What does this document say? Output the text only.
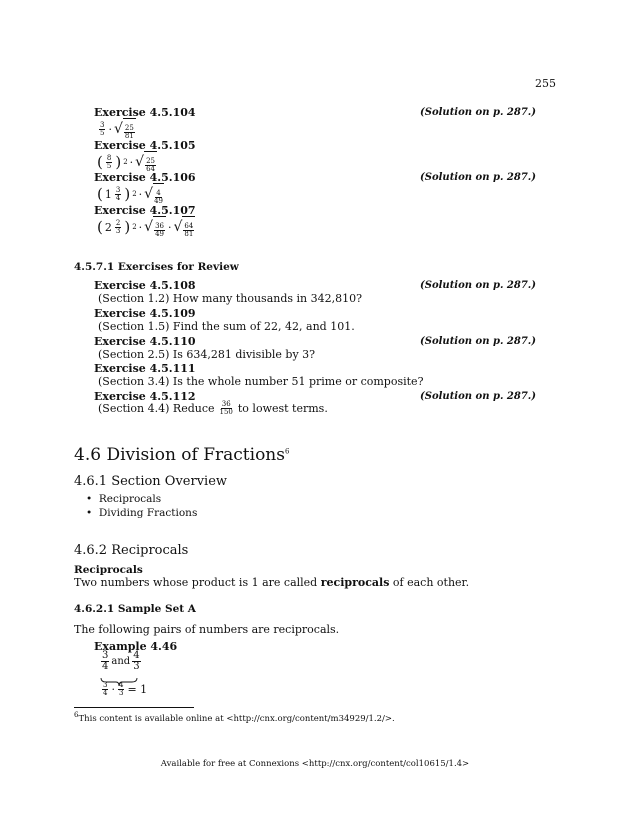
255
Exercise 4.5.104	(Solution on p. 287.)
$\frac{3}{5}$ · √ $\frac{25}{81}$
Exercise 4.5.105
( $\frac{8}{5}$ ) 2 · √ $\frac{25}{64}$
Exercise 4.5.106	(Solution on p. 287.)
( $1 \frac{3}{4}$ ) 2 · √ $\frac{4}{49}$
Exercise 4.5.107
( $2 \frac{2}{3}$ ) 2 · √ $\frac{36}{49}$ · √ $\frac{64}{81}$
4.5.7.1 Exercises for Review
Exercise 4.5.108	(Solution on p. 287.)
(Section 1.2) How many thousands in 342,810?
Exercise 4.5.109
(Section 1.5) Find the sum of 22, 42, and 101.
Exercise 4.5.110	(Solution on p. 287.)
(Section 2.5) Is 634,281 divisible by 3?
Exercise 4.5.111
(Section 3.4) Is the whole number 51 prime or composite?
Exercise 4.5.112	(Solution on p. 287.)
(Section 4.4) Reduce $\frac{36}{150}$ to lowest terms.
4.6 Division of Fractions$^6$
4.6.1 Section Overview
•  Reciprocals
•  Dividing Fractions
4.6.2 Reciprocals
Reciprocals
Two numbers whose product is 1 are called reciprocals of each other.
4.6.2.1 Sample Set A
The following pairs of numbers are reciprocals.
Example 4.46
$\frac{3}{4}$ and $\frac{4}{3}$
$\frac{3}{4} \cdot \frac{4}{3} = 1$
$^6$This content is available online at <http://cnx.org/content/m34929/1.2/>.
Available for free at Connexions <http://cnx.org/content/col10615/1.4>
